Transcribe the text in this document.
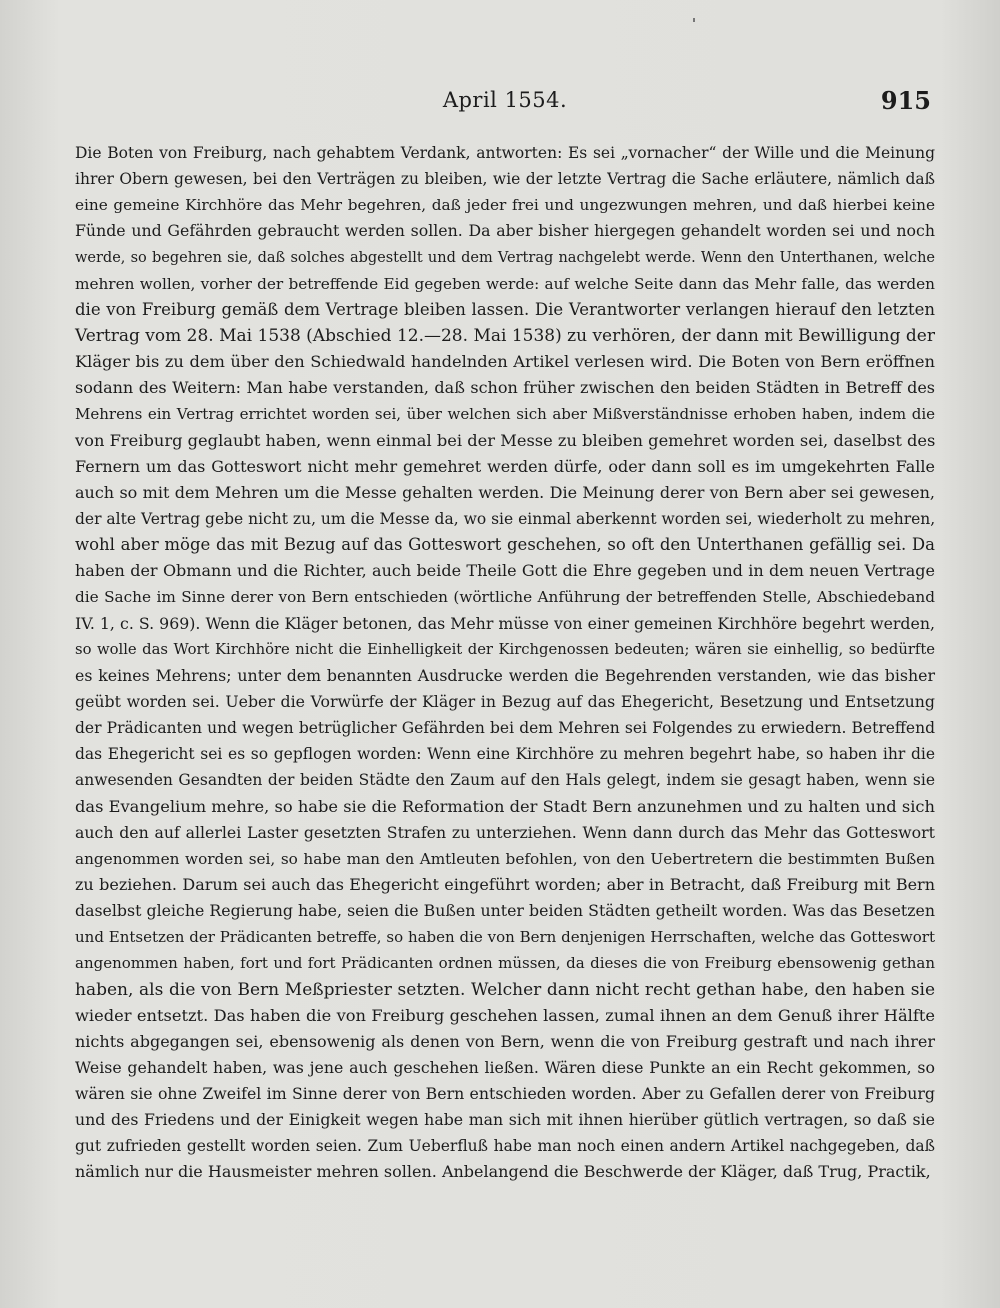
April 1554.	915
Die Boten von Freiburg, nach gehabtem Verdank, antworten: Es sei „vornacher“ der Wille und die Meinung
ihrer Obern gewesen, bei den Verträgen zu bleiben, wie der letzte Vertrag die Sache erläutere, nämlich daß
eine gemeine Kirchhöre das Mehr begehren, daß jeder frei und ungezwungen mehren, und daß hierbei keine
Fünde und Gefährden gebraucht werden sollen. Da aber bisher hiergegen gehandelt worden sei und noch
werde, so begehren sie, daß solches abgestellt und dem Vertrag nachgelebt werde. Wenn den Unterthanen, welche
mehren wollen, vorher der betreffende Eid gegeben werde: auf welche Seite dann das Mehr falle, das werden
die von Freiburg gemäß dem Vertrage bleiben lassen. Die Verantworter verlangen hierauf den letzten
Vertrag vom 28. Mai 1538 (Abschied 12.—28. Mai 1538) zu verhören, der dann mit Bewilligung der
Kläger bis zu dem über den Schiedwald handelnden Artikel verlesen wird. Die Boten von Bern eröffnen
sodann des Weitern: Man habe verstanden, daß schon früher zwischen den beiden Städten in Betreff des
Mehrens ein Vertrag errichtet worden sei, über welchen sich aber Mißverständnisse erhoben haben, indem die
von Freiburg geglaubt haben, wenn einmal bei der Messe zu bleiben gemehret worden sei, daselbst des
Fernern um das Gotteswort nicht mehr gemehret werden dürfe, oder dann soll es im umgekehrten Falle
auch so mit dem Mehren um die Messe gehalten werden. Die Meinung derer von Bern aber sei gewesen,
der alte Vertrag gebe nicht zu, um die Messe da, wo sie einmal aberkennt worden sei, wiederholt zu mehren,
wohl aber möge das mit Bezug auf das Gotteswort geschehen, so oft den Unterthanen gefällig sei. Da
haben der Obmann und die Richter, auch beide Theile Gott die Ehre gegeben und in dem neuen Vertrage
die Sache im Sinne derer von Bern entschieden (wörtliche Anführung der betreffenden Stelle, Abschiedeband
IV. 1, c. S. 969). Wenn die Kläger betonen, das Mehr müsse von einer gemeinen Kirchhöre begehrt werden,
so wolle das Wort Kirchhöre nicht die Einhelligkeit der Kirchgenossen bedeuten; wären sie einhellig, so bedürfte
es keines Mehrens; unter dem benannten Ausdrucke werden die Begehrenden verstanden, wie das bisher
geübt worden sei. Ueber die Vorwürfe der Kläger in Bezug auf das Ehegericht, Besetzung und Entsetzung
der Prädicanten und wegen betrüglicher Gefährden bei dem Mehren sei Folgendes zu erwiedern. Betreffend
das Ehegericht sei es so gepflogen worden: Wenn eine Kirchhöre zu mehren begehrt habe, so haben ihr die
anwesenden Gesandten der beiden Städte den Zaum auf den Hals gelegt, indem sie gesagt haben, wenn sie
das Evangelium mehre, so habe sie die Reformation der Stadt Bern anzunehmen und zu halten und sich
auch den auf allerlei Laster gesetzten Strafen zu unterziehen. Wenn dann durch das Mehr das Gotteswort
angenommen worden sei, so habe man den Amtleuten befohlen, von den Uebertretern die bestimmten Bußen
zu beziehen. Darum sei auch das Ehegericht eingeführt worden; aber in Betracht, daß Freiburg mit Bern
daselbst gleiche Regierung habe, seien die Bußen unter beiden Städten getheilt worden. Was das Besetzen
und Entsetzen der Prädicanten betreffe, so haben die von Bern denjenigen Herrschaften, welche das Gotteswort
angenommen haben, fort und fort Prädicanten ordnen müssen, da dieses die von Freiburg ebensowenig gethan
haben, als die von Bern Meßpriester setzten. Welcher dann nicht recht gethan habe, den haben sie
wieder entsetzt. Das haben die von Freiburg geschehen lassen, zumal ihnen an dem Genuß ihrer Hälfte
nichts abgegangen sei, ebensowenig als denen von Bern, wenn die von Freiburg gestraft und nach ihrer
Weise gehandelt haben, was jene auch geschehen ließen. Wären diese Punkte an ein Recht gekommen, so
wären sie ohne Zweifel im Sinne derer von Bern entschieden worden. Aber zu Gefallen derer von Freiburg
und des Friedens und der Einigkeit wegen habe man sich mit ihnen hierüber gütlich vertragen, so daß sie
gut zufrieden gestellt worden seien. Zum Ueberfluß habe man noch einen andern Artikel nachgegeben, daß
nämlich nur die Hausmeister mehren sollen. Anbelangend die Beschwerde der Kläger, daß Trug, Practik,
